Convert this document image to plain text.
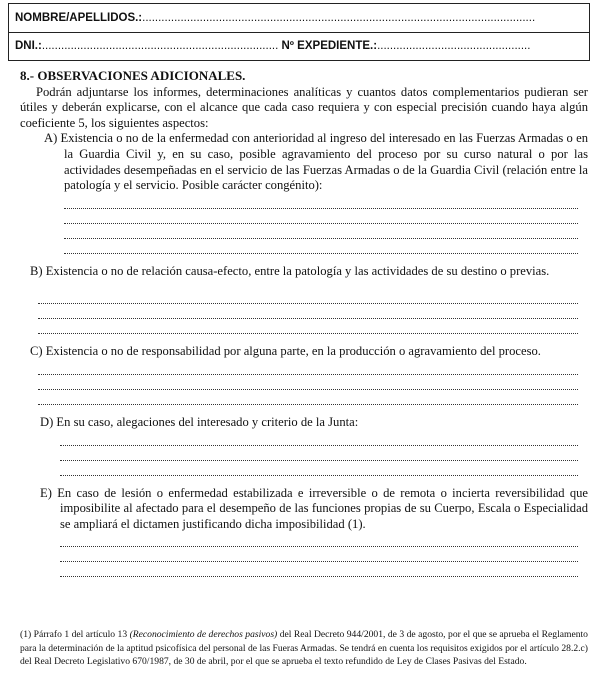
NOMBRE/APELLIDOS.:...........................................................................................................................
DNI.:.......................................................................... Nº EXPEDIENTE.:................................................
8.- OBSERVACIONES ADICIONALES.

Podrán adjuntarse los informes, determinaciones analíticas y cuantos datos complementarios pudieran ser útiles y deberán explicarse, con el alcance que cada caso requiera y con especial precisión cuando haya algún coeficiente 5, los siguientes aspectos:

A) Existencia o no de la enfermedad con anterioridad al ingreso del interesado en las Fuerzas Armadas o en la Guardia Civil y, en su caso, posible agravamiento del proceso por su curso natural o por las actividades desempeñadas en el servicio de las Fuerzas Armadas o de la Guardia Civil (relación entre la patología y el servicio. Posible carácter congénito):

B) Existencia o no de relación causa-efecto, entre la patología y las actividades de su destino o previas.

C) Existencia o no de responsabilidad por alguna parte, en la producción o agravamiento del proceso.

D) En su caso, alegaciones del interesado y criterio de la Junta:

E) En caso de lesión o enfermedad estabilizada e irreversible o de remota o incierta reversibilidad que imposibilite al afectado para el desempeño de las funciones propias de su Cuerpo, Escala o Especialidad se ampliará el dictamen justificando dicha imposibilidad (1).

(1) Párrafo 1 del artículo 13 (Reconocimiento de derechos pasivos) del Real Decreto 944/2001, de 3 de agosto, por el que se aprueba el Reglamento para la determinación de la aptitud psicofísica del personal de las Fueras Armadas. Se tendrá en cuenta los requisitos exigidos por el artículo 28.2.c) del Real Decreto Legislativo 670/1987, de 30 de abril, por el que se aprueba el texto refundido de Ley de Clases Pasivas del Estado.
